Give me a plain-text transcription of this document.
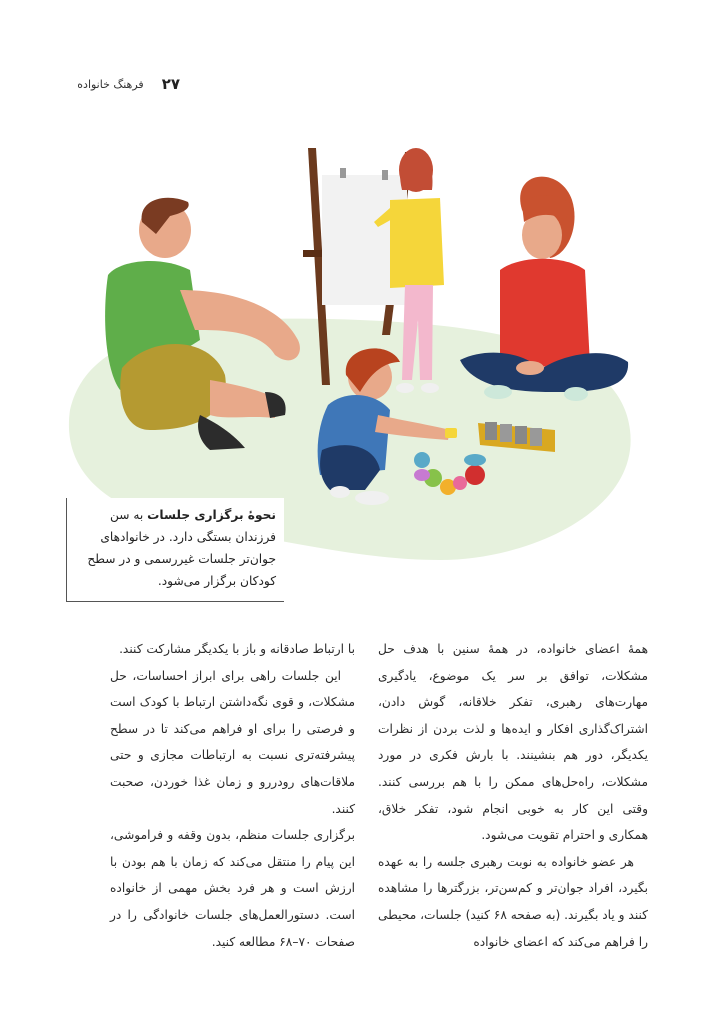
۲۷
فرهنگ خانواده

نحوهٔ برگزاری جلسات به سن فرزندان بستگی دارد. در خانوادهای جوان‌تر جلسات غیررسمی و در سطح کودکان برگزار می‌شود.

همهٔ اعضای خانواده، در همهٔ سنین با هدف حل مشکلات، توافق بر سر یک موضوع، یادگیری مهارت‌های رهبری، تفکر خلاقانه، گوش دادن، اشتراک‌گذاری افکار و ایده‌ها و لذت بردن از نظرات یکدیگر، دور هم بنشینند. با بارش فکری در مورد مشکلات، راه‌حل‌های ممکن را با هم بررسی کنند. وقتی این کار به خوبی انجام شود، تفکر خلاق، همکاری و احترام تقویت می‌شود.

هر عضو خانواده به نوبت رهبری جلسه را به عهده بگیرد، افراد جوان‌تر و کم‌سن‌تر، بزرگترها را مشاهده کنند و یاد بگیرند. (به صفحه ۶۸ کنید) جلسات، محیطی را فراهم می‌کند که اعضای خانواده

با ارتباط صادقانه و باز با یکدیگر مشارکت کنند.

این جلسات راهی برای ابراز احساسات، حل مشکلات، و قوی نگه‌داشتن ارتباط با کودک است و فرصتی را برای او فراهم می‌کند تا در سطح پیشرفته‌تری نسبت به ارتباطات مجازی و حتی ملاقات‌های رودررو و زمان غذا خوردن، صحبت کنند.

برگزاری جلسات منظم، بدون وقفه و فراموشی، این پیام را منتقل می‌کند که زمان با هم بودن با ارزش است و هر فرد بخش مهمی از خانواده است. دستورالعمل‌های جلسات خانوادگی را در صفحات ۷۰–۶۸ مطالعه کنید.
